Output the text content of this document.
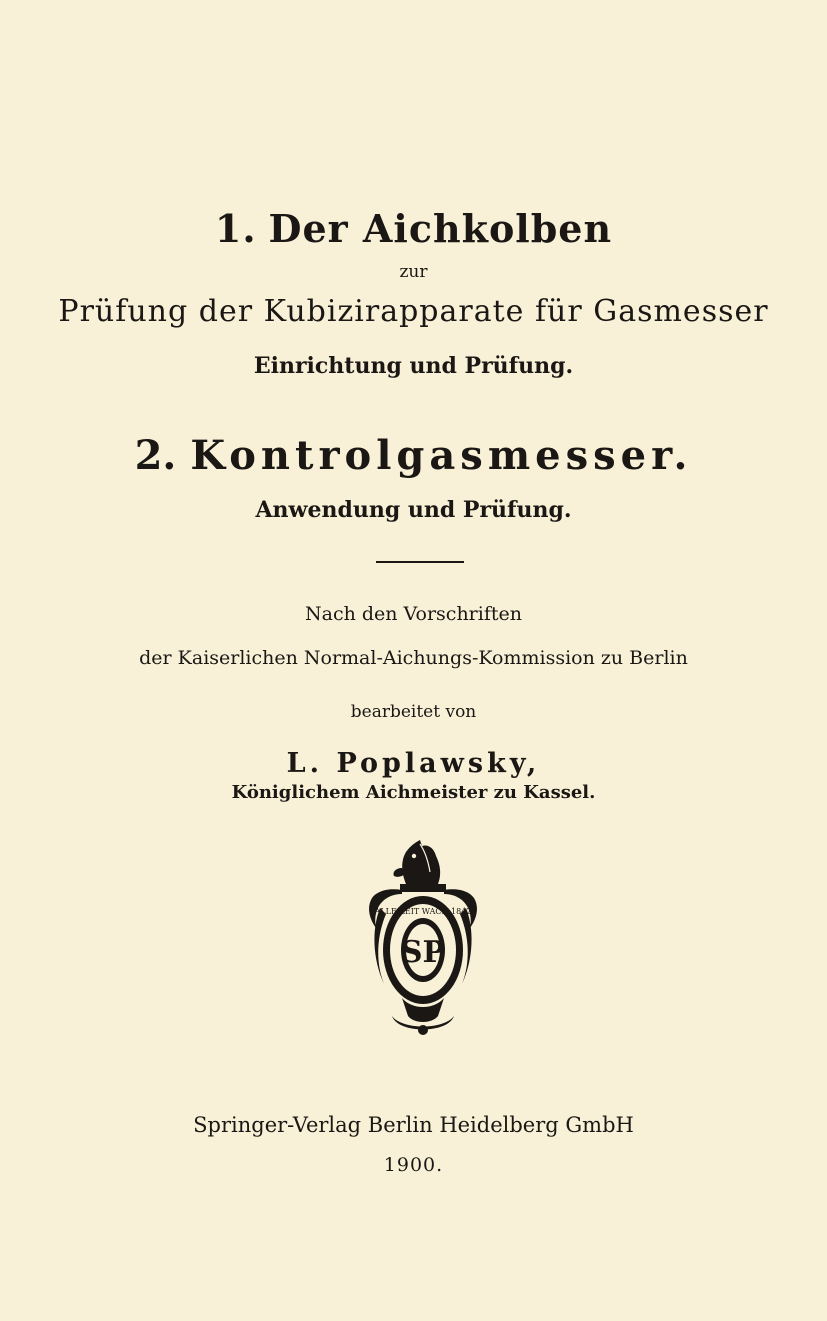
1. Der Aichkolben
zur
Prüfung der Kubizirapparate für Gasmesser
Einrichtung und Prüfung.
2. Kontrolgasmesser.
Anwendung und Prüfung.
Nach den Vorschriften
der Kaiserlichen Normal-Aichungs-Kommission zu Berlin
bearbeitet von
L. Poplawsky,
Königlichem Aichmeister zu Kassel.
ALLE ZEIT WACH 1842
SP
Springer-Verlag Berlin Heidelberg GmbH
1900.
